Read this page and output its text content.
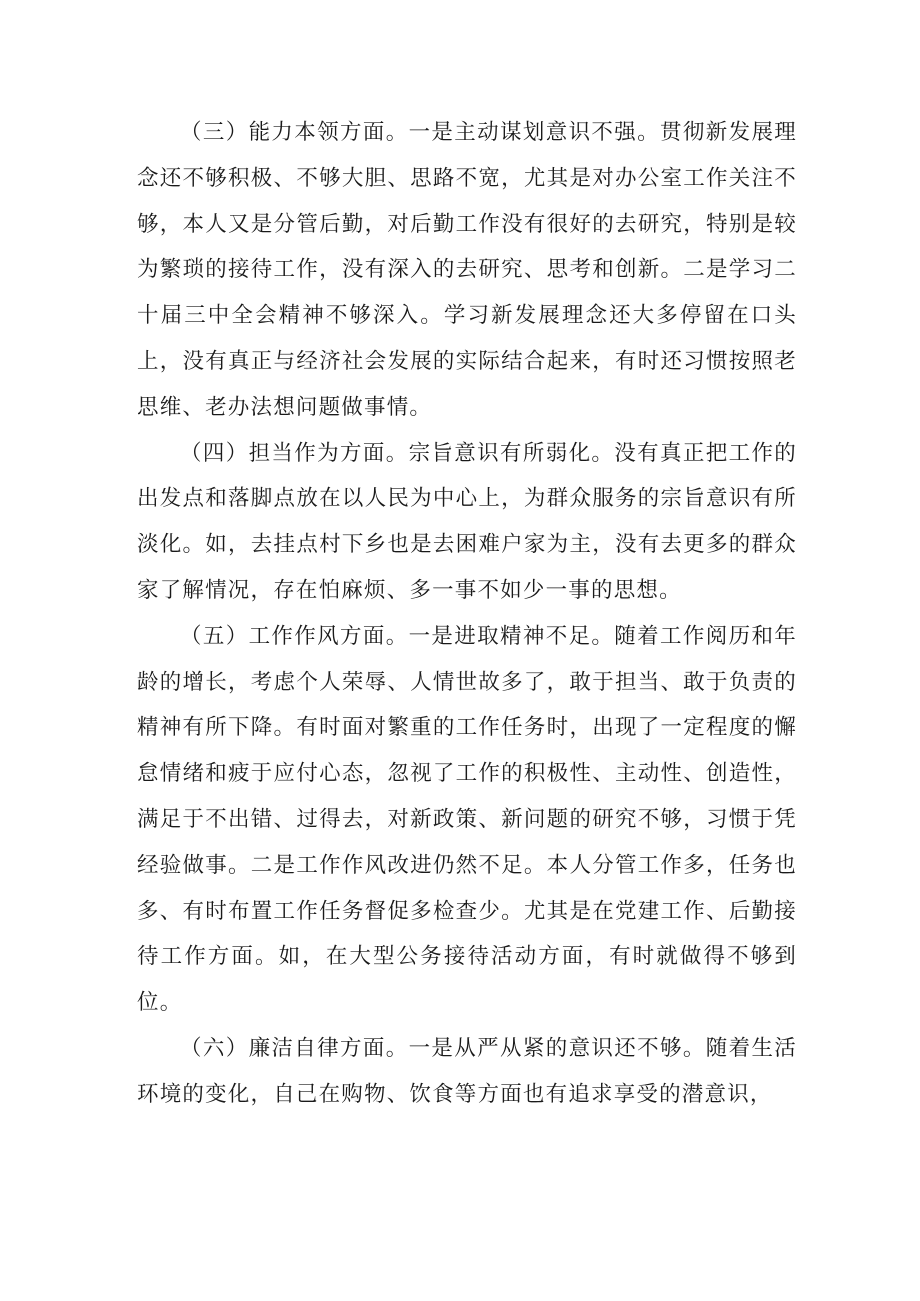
（三）能力本领方面。一是主动谋划意识不强。贯彻新发展理念还不够积极、不够大胆、思路不宽，尤其是对办公室工作关注不够，本人又是分管后勤，对后勤工作没有很好的去研究，特别是较为繁琐的接待工作，没有深入的去研究、思考和创新。二是学习二十届三中全会精神不够深入。学习新发展理念还大多停留在口头上，没有真正与经济社会发展的实际结合起来，有时还习惯按照老思维、老办法想问题做事情。

（四）担当作为方面。宗旨意识有所弱化。没有真正把工作的出发点和落脚点放在以人民为中心上，为群众服务的宗旨意识有所淡化。如，去挂点村下乡也是去困难户家为主，没有去更多的群众家了解情况，存在怕麻烦、多一事不如少一事的思想。

（五）工作作风方面。一是进取精神不足。随着工作阅历和年龄的增长，考虑个人荣辱、人情世故多了，敢于担当、敢于负责的精神有所下降。有时面对繁重的工作任务时，出现了一定程度的懈怠情绪和疲于应付心态，忽视了工作的积极性、主动性、创造性，满足于不出错、过得去，对新政策、新问题的研究不够，习惯于凭经验做事。二是工作作风改进仍然不足。本人分管工作多，任务也多、有时布置工作任务督促多检查少。尤其是在党建工作、后勤接待工作方面。如，在大型公务接待活动方面，有时就做得不够到位。

（六）廉洁自律方面。一是从严从紧的意识还不够。随着生活环境的变化，自己在购物、饮食等方面也有追求享受的潜意识，
